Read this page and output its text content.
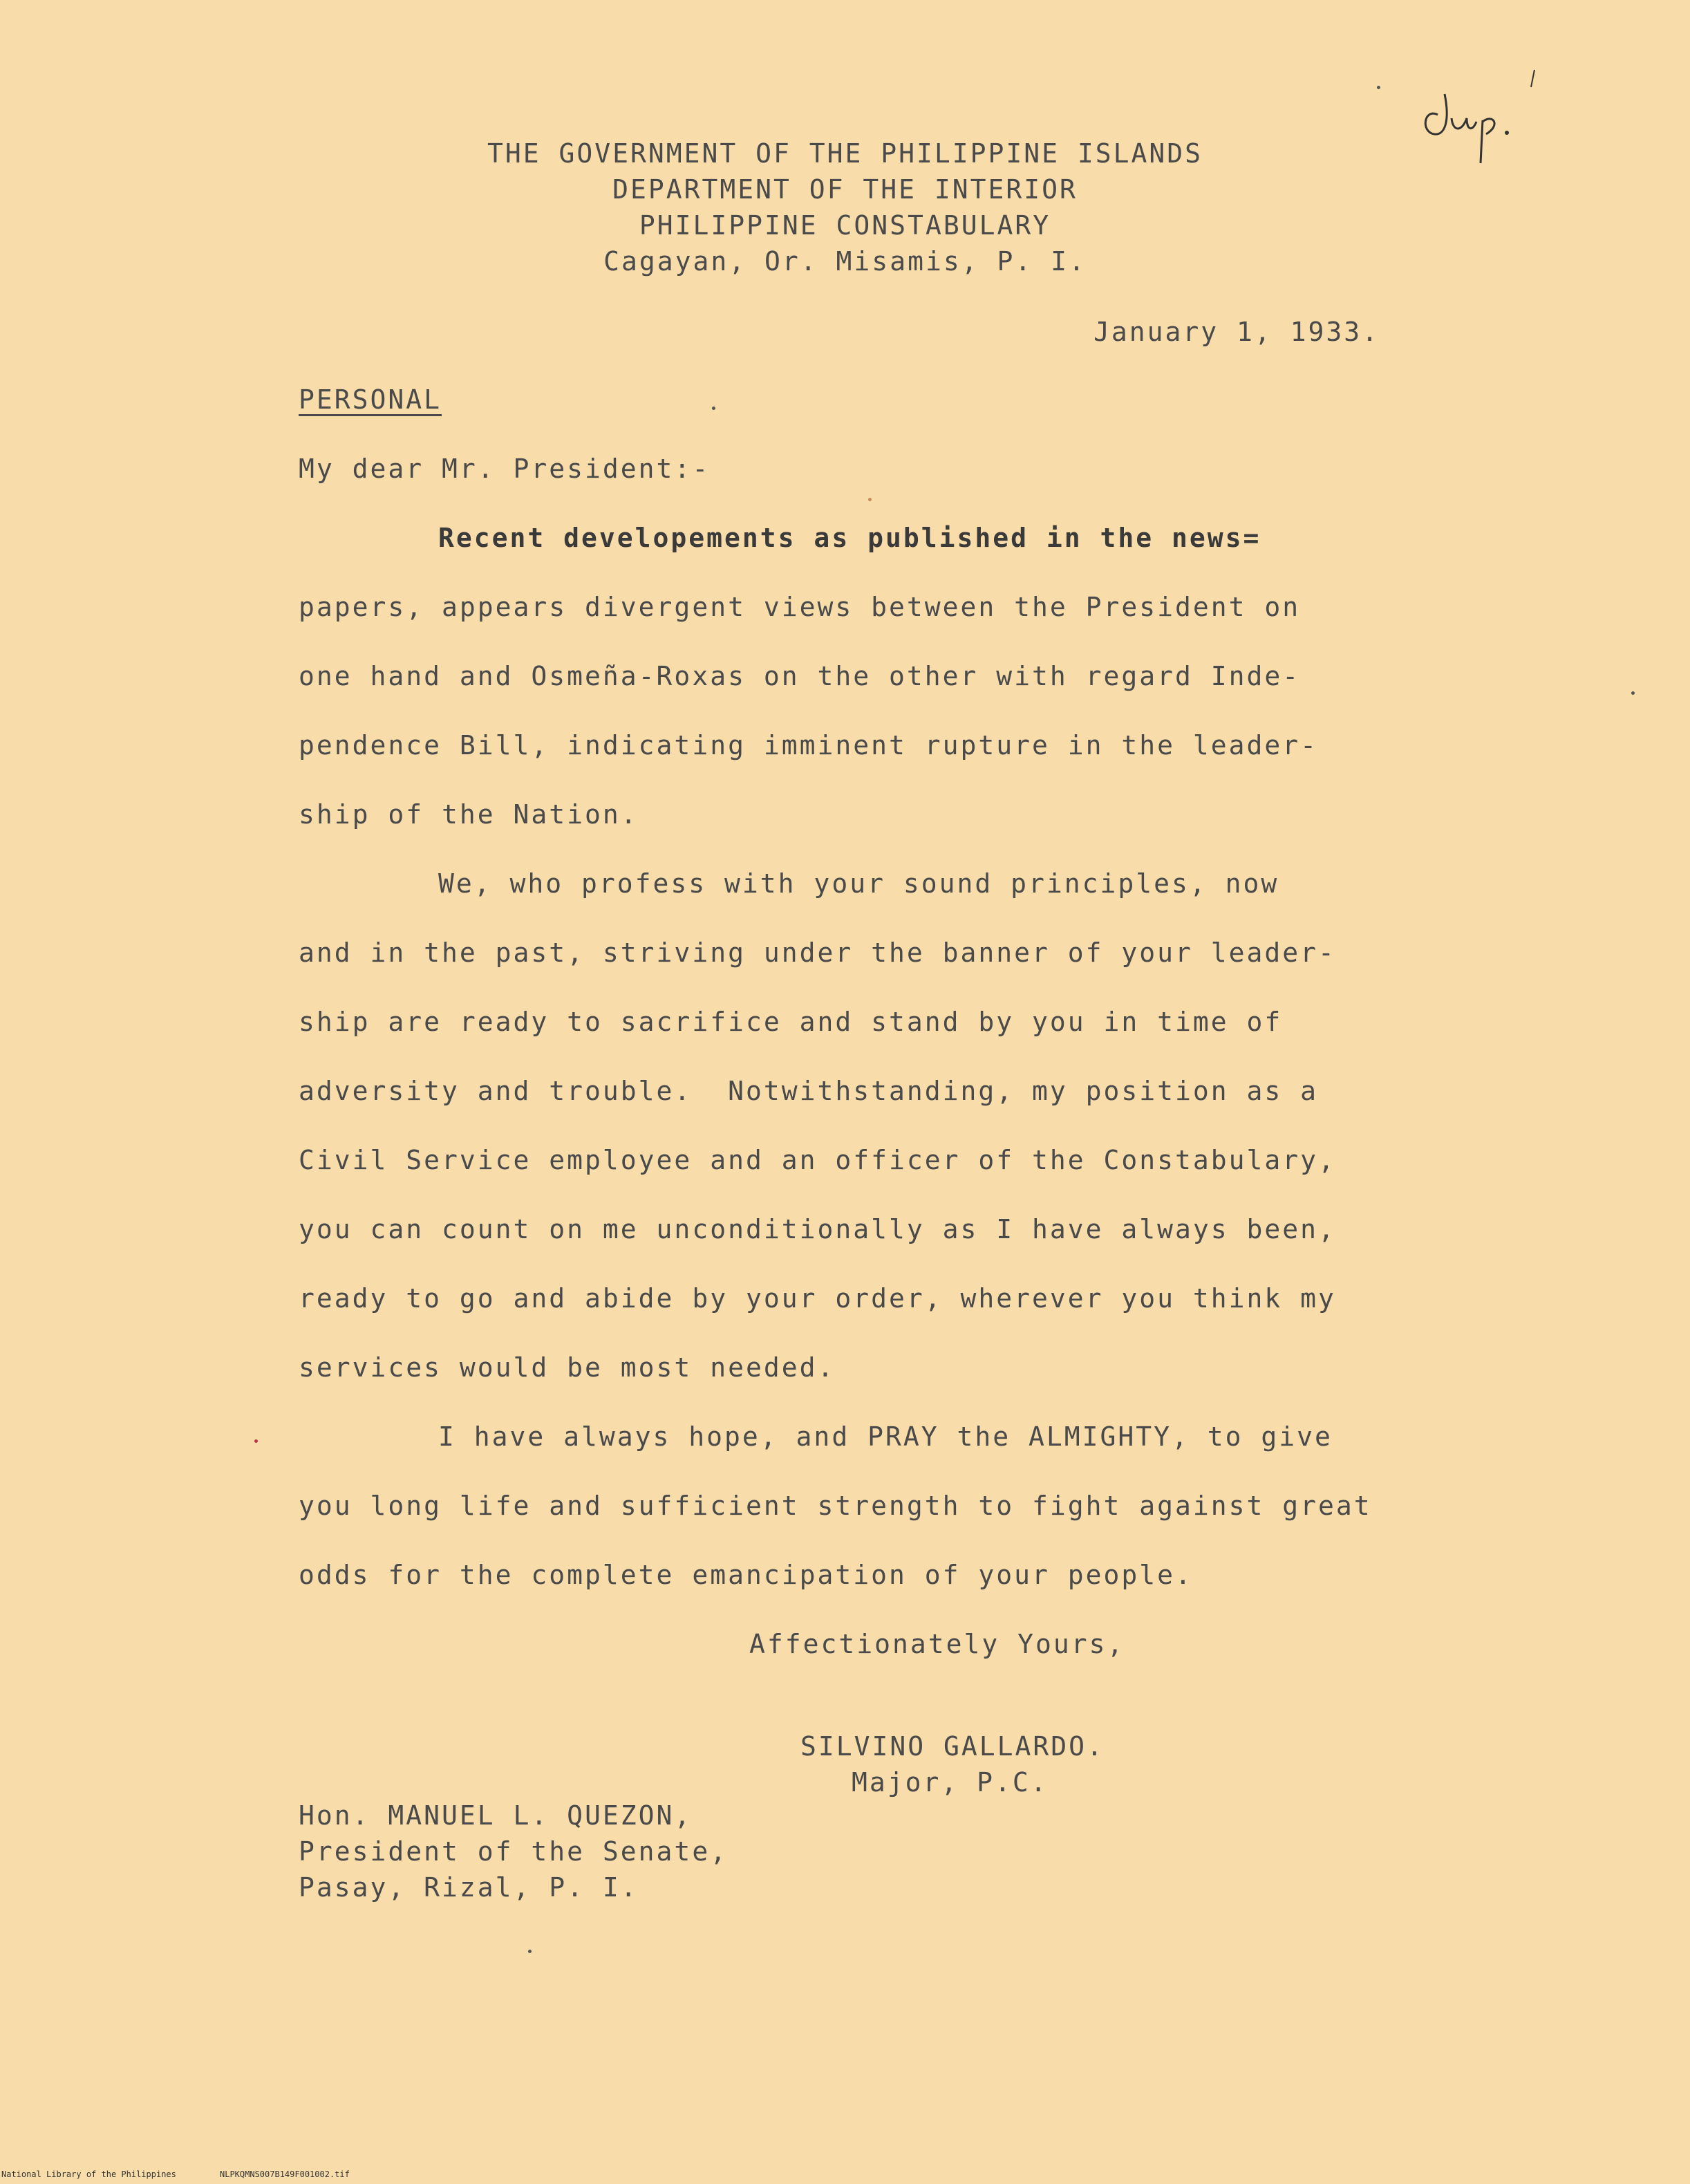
THE GOVERNMENT OF THE PHILIPPINE ISLANDS
DEPARTMENT OF THE INTERIOR
PHILIPPINE CONSTABULARY
Cagayan, Or. Misamis, P. I.
January 1, 1933.
PERSONAL
My dear Mr. President:-
Recent developements as published in the news=
papers, appears divergent views between the President on
one hand and Osmeña-Roxas on the other with regard Inde-
pendence Bill, indicating imminent rupture in the leader-
ship of the Nation.
We, who profess with your sound principles, now
and in the past, striving under the banner of your leader-
ship are ready to sacrifice and stand by you in time of
adversity and trouble.  Notwithstanding, my position as a
Civil Service employee and an officer of the Constabulary,
you can count on me unconditionally as I have always been,
ready to go and abide by your order, wherever you think my
services would be most needed.
I have always hope, and PRAY the ALMIGHTY, to give
you long life and sufficient strength to fight against great
odds for the complete emancipation of your people.
Affectionately Yours,
SILVINO GALLARDO.
Major, P.C.
Hon. MANUEL L. QUEZON,
President of the Senate,
Pasay, Rizal, P. I.
National Library of the Philippines	NLPKQMNS007B149F001002.tif
